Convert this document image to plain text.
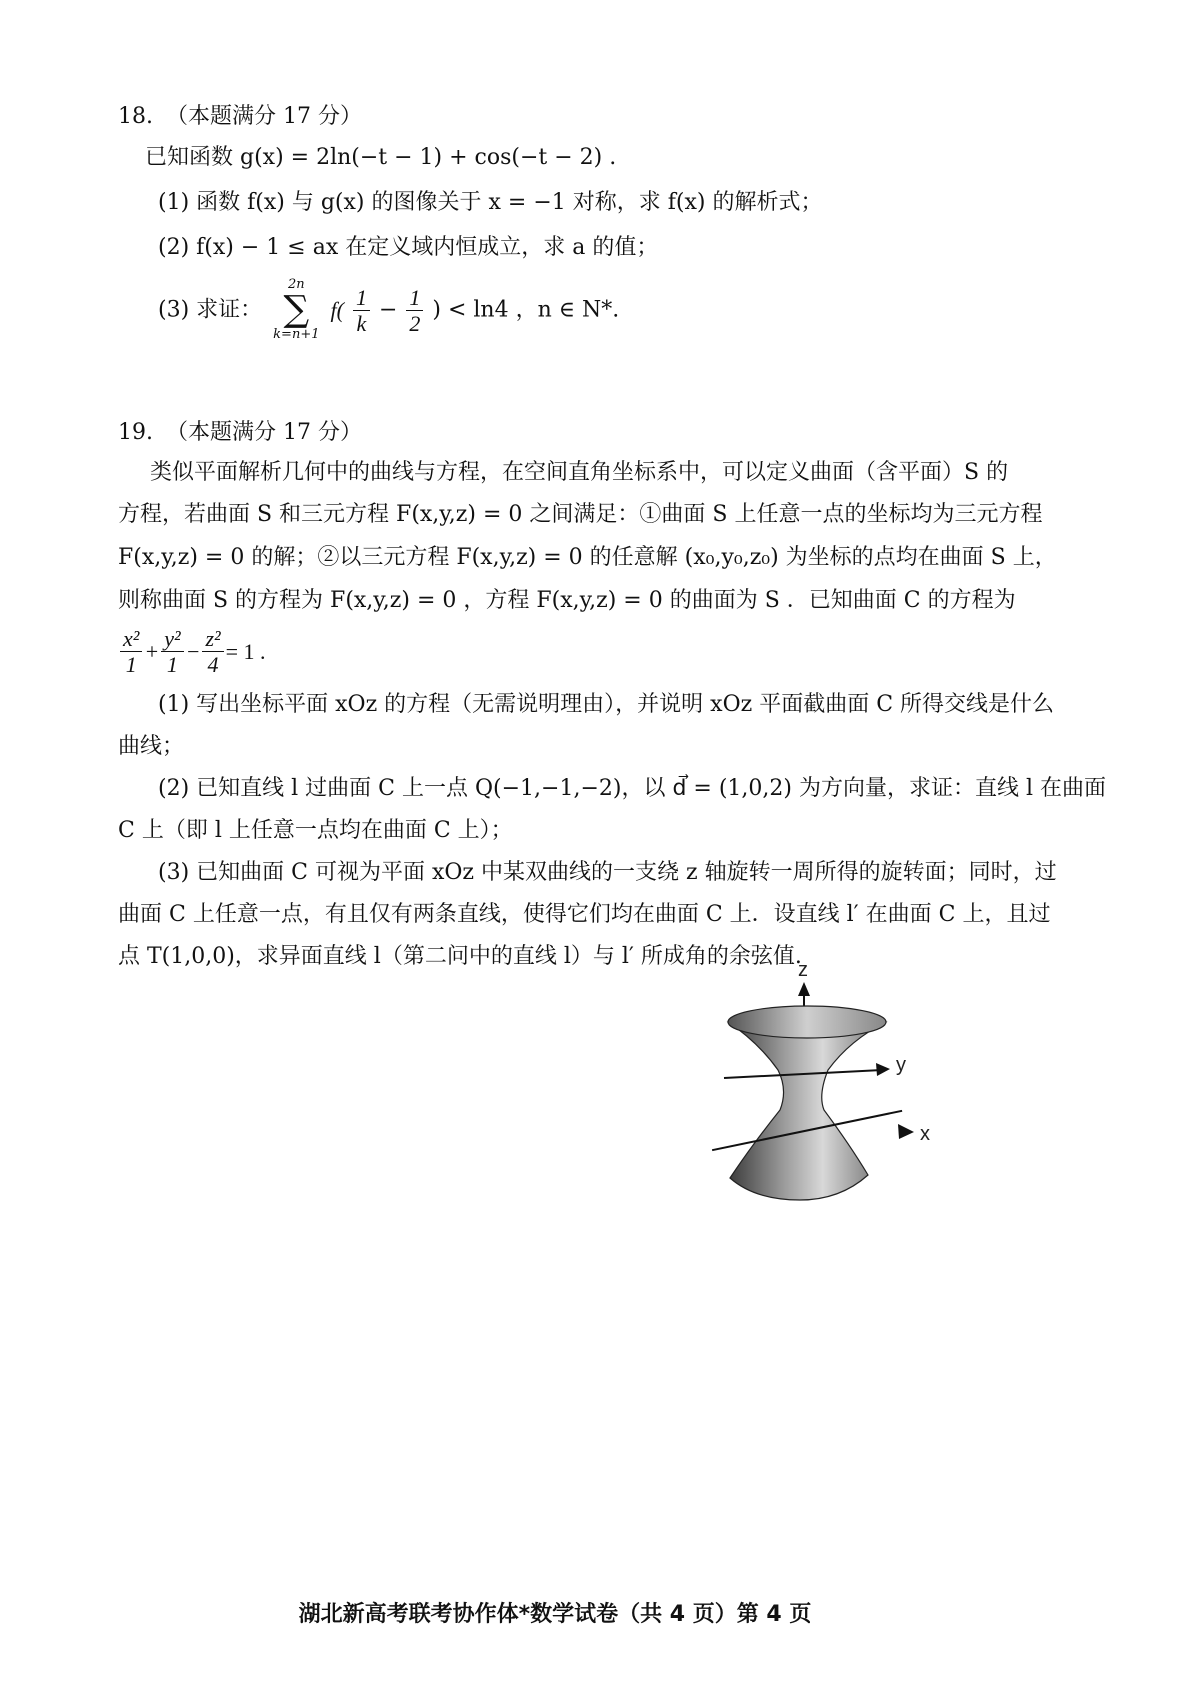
18. （本题满分 17 分）
已知函数 g(x) = 2ln(−t − 1) + cos(−t − 2) .
(1) 函数 f(x) 与 g(x) 的图像关于 x = −1 对称，求 f(x) 的解析式；
(2) f(x) − 1 ≤ ax 在定义域内恒成立，求 a 的值；
(3) 求证：
2n
∑
k=n+1
$f( \frac{1}{k} - \frac{1}{2}$ ) < ln4 ，n ∈ N*.
19. （本题满分 17 分）
类似平面解析几何中的曲线与方程，在空间直角坐标系中，可以定义曲面（含平面）S 的
方程，若曲面 S 和三元方程 F(x,y,z) = 0 之间满足：①曲面 S 上任意一点的坐标均为三元方程
F(x,y,z) = 0 的解；②以三元方程 F(x,y,z) = 0 的任意解 (x₀,y₀,z₀) 为坐标的点均在曲面 S 上，
则称曲面 S 的方程为 F(x,y,z) = 0 ，方程 F(x,y,z) = 0 的曲面为 S ．已知曲面 C 的方程为
$\frac{\text{x²}}{1} + \frac{\text{y²}}{1} - \frac{\text{z²}}{4} = 1$ .
(1) 写出坐标平面 xOz 的方程（无需说明理由），并说明 xOz 平面截曲面 C 所得交线是什么
曲线；
(2) 已知直线 l 过曲面 C 上一点 Q(−1,−1,−2)，以 d⃗ = (1,0,2) 为方向量，求证：直线 l 在曲面
C 上（即 l 上任意一点均在曲面 C 上）；
(3) 已知曲面 C 可视为平面 xOz 中某双曲线的一支绕 z 轴旋转一周所得的旋转面；同时，过
曲面 C 上任意一点，有且仅有两条直线，使得它们均在曲面 C 上．设直线 l′ 在曲面 C 上，且过
点 T(1,0,0)，求异面直线 l（第二问中的直线 l）与 l′ 所成角的余弦值.
z
y
x
湖北新高考联考协作体*数学试卷（共 4 页）第 4 页
